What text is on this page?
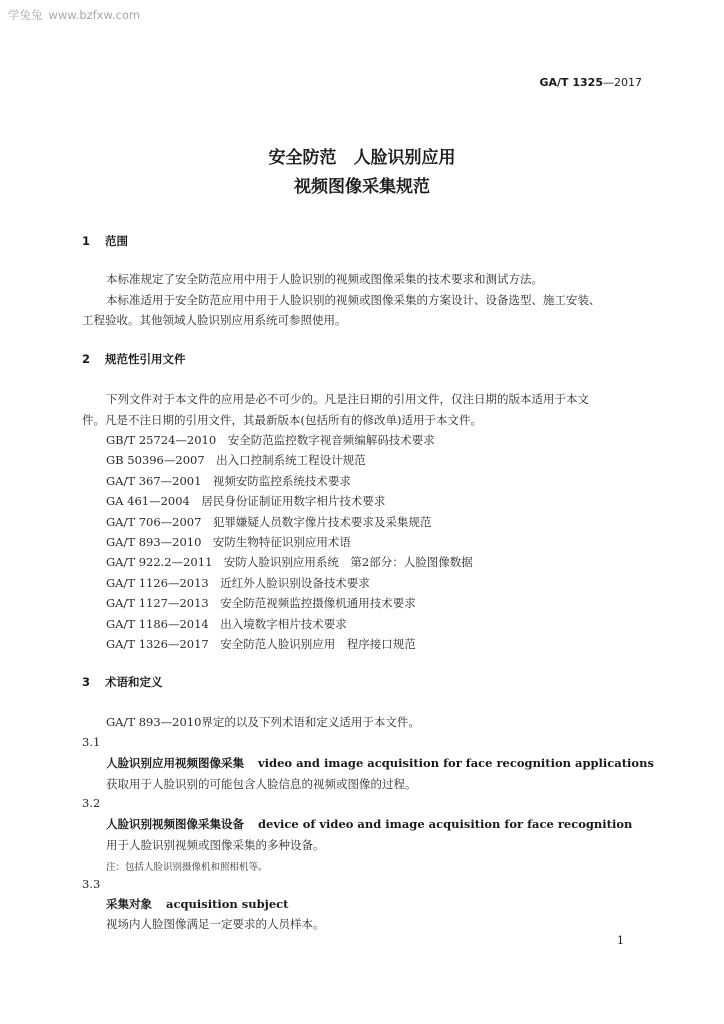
学兔兔 www.bzfxw.com
GA/T 1325—2017
安全防范　人脸识别应用
视频图像采集规范
1 范围
本标准规定了安全防范应用中用于人脸识别的视频或图像采集的技术要求和测试方法。
本标准适用于安全防范应用中用于人脸识别的视频或图像采集的方案设计、设备选型、施工安装、
工程验收。其他领域人脸识别应用系统可参照使用。
2 规范性引用文件
下列文件对于本文件的应用是必不可少的。凡是注日期的引用文件，仅注日期的版本适用于本文
件。凡是不注日期的引用文件，其最新版本(包括所有的修改单)适用于本文件。
GB/T 25724—2010　 安全防范监控数字视音频编解码技术要求
GB 50396—2007　 出入口控制系统工程设计规范
GA/T 367—2001　 视频安防监控系统技术要求
GA 461—2004　 居民身份证制证用数字相片技术要求
GA/T 706—2007　 犯罪嫌疑人员数字像片技术要求及采集规范
GA/T 893—2010　 安防生物特征识别应用术语
GA/T 922.2—2011　 安防人脸识别应用系统　第2部分：人脸图像数据
GA/T 1126—2013　 近红外人脸识别设备技术要求
GA/T 1127—2013　 安全防范视频监控摄像机通用技术要求
GA/T 1186—2014　 出入境数字相片技术要求
GA/T 1326—2017　 安全防范人脸识别应用　程序接口规范
3 术语和定义
GA/T 893—2010界定的以及下列术语和定义适用于本文件。
3.1
人脸识别应用视频图像采集 video and image acquisition for face recognition applications
获取用于人脸识别的可能包含人脸信息的视频或图像的过程。
3.2
人脸识别视频图像采集设备 device of video and image acquisition for face recognition
用于人脸识别视频或图像采集的多种设备。
注：包括人脸识别摄像机和照相机等。
3.3
采集对象 acquisition subject
视场内人脸图像满足一定要求的人员样本。
1
